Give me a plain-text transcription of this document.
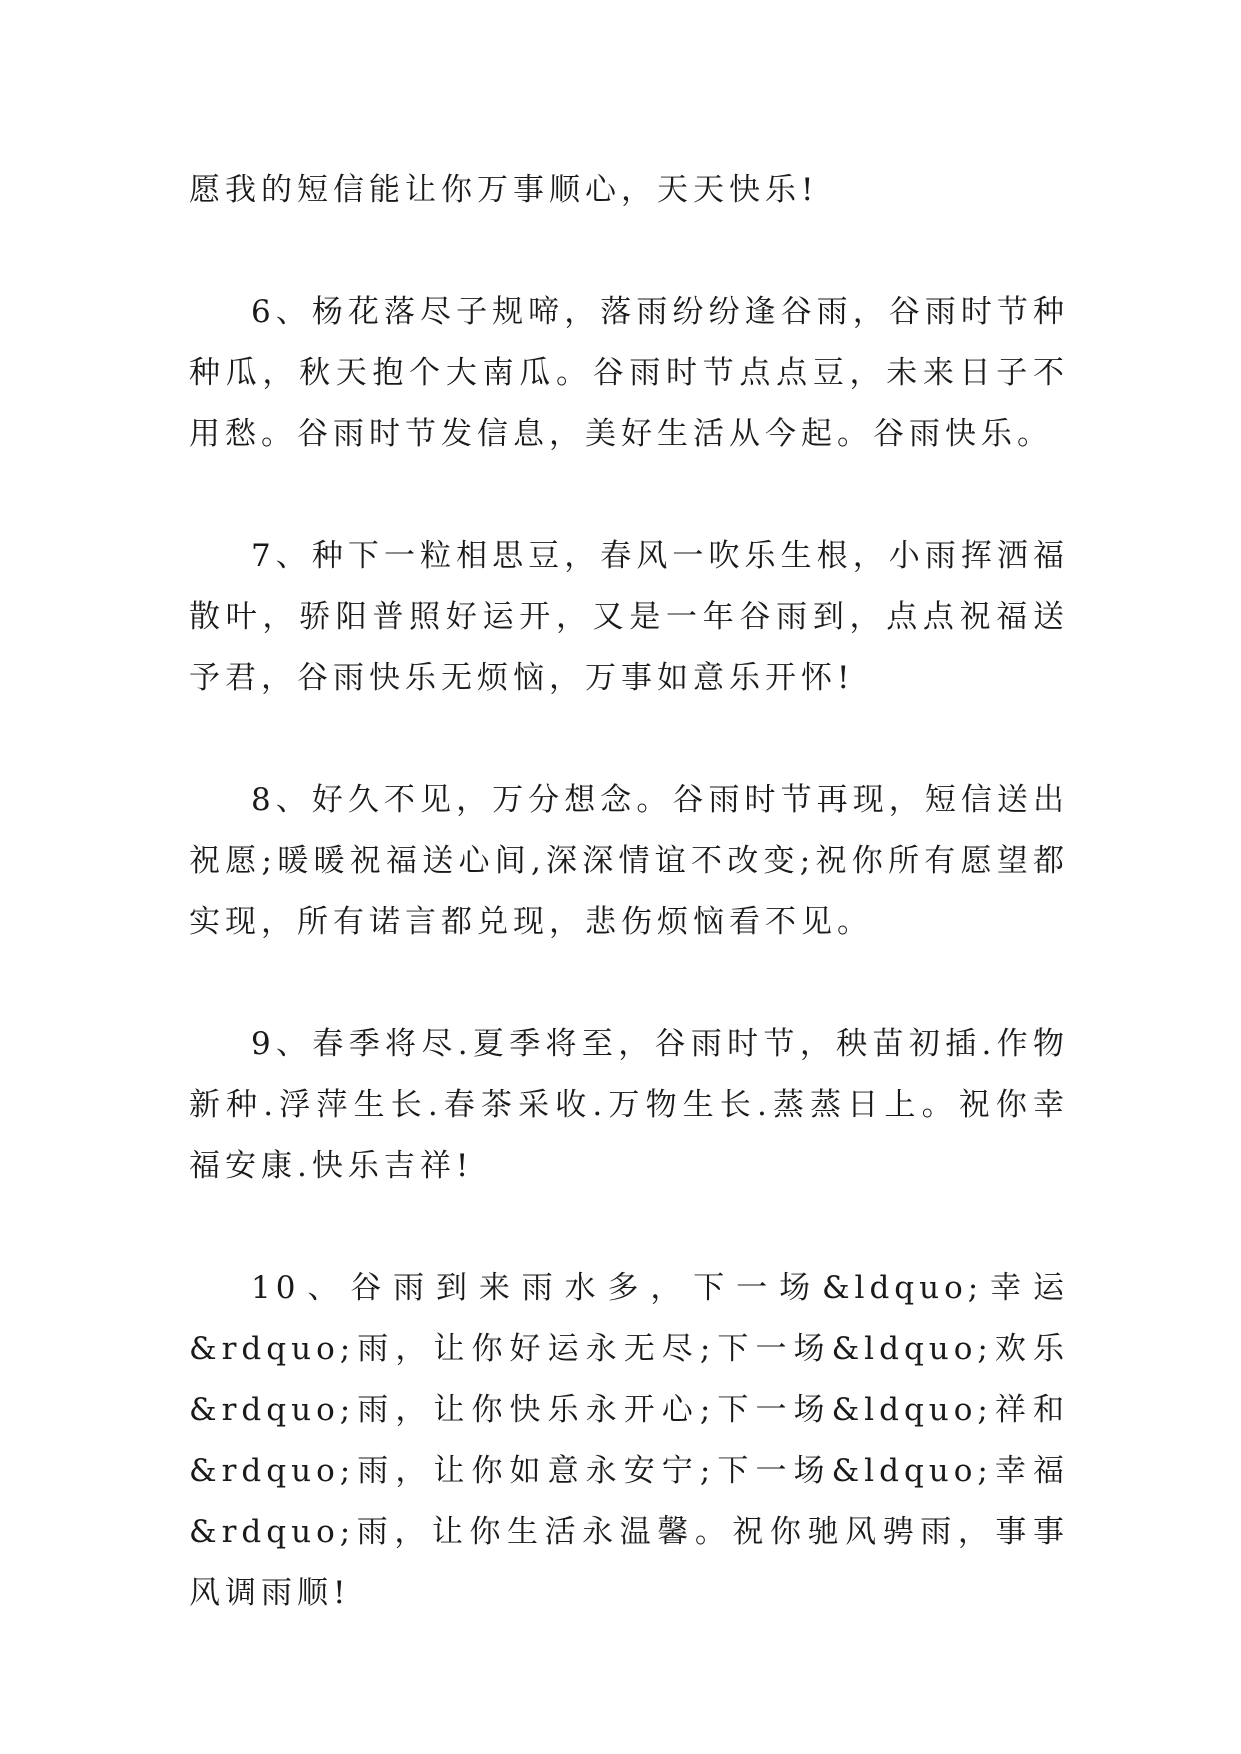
愿我的短信能让你万事顺心，天天快乐!

6、杨花落尽子规啼，落雨纷纷逢谷雨，谷雨时节种种瓜，秋天抱个大南瓜。谷雨时节点点豆，未来日子不用愁。谷雨时节发信息，美好生活从今起。谷雨快乐。

7、种下一粒相思豆，春风一吹乐生根，小雨挥洒福散叶，骄阳普照好运开，又是一年谷雨到，点点祝福送予君，谷雨快乐无烦恼，万事如意乐开怀!

8、好久不见，万分想念。谷雨时节再现，短信送出祝愿;暖暖祝福送心间,深深情谊不改变;祝你所有愿望都实现，所有诺言都兑现，悲伤烦恼看不见。

9、春季将尽.夏季将至，谷雨时节，秧苗初插.作物新种.浮萍生长.春茶采收.万物生长.蒸蒸日上。祝你幸福安康.快乐吉祥!

10、谷雨到来雨水多，下一场&ldquo;幸运&rdquo;雨，让你好运永无尽;下一场&ldquo;欢乐&rdquo;雨，让你快乐永开心;下一场&ldquo;祥和&rdquo;雨，让你如意永安宁;下一场&ldquo;幸福&rdquo;雨，让你生活永温馨。祝你驰风骋雨，事事风调雨顺!
